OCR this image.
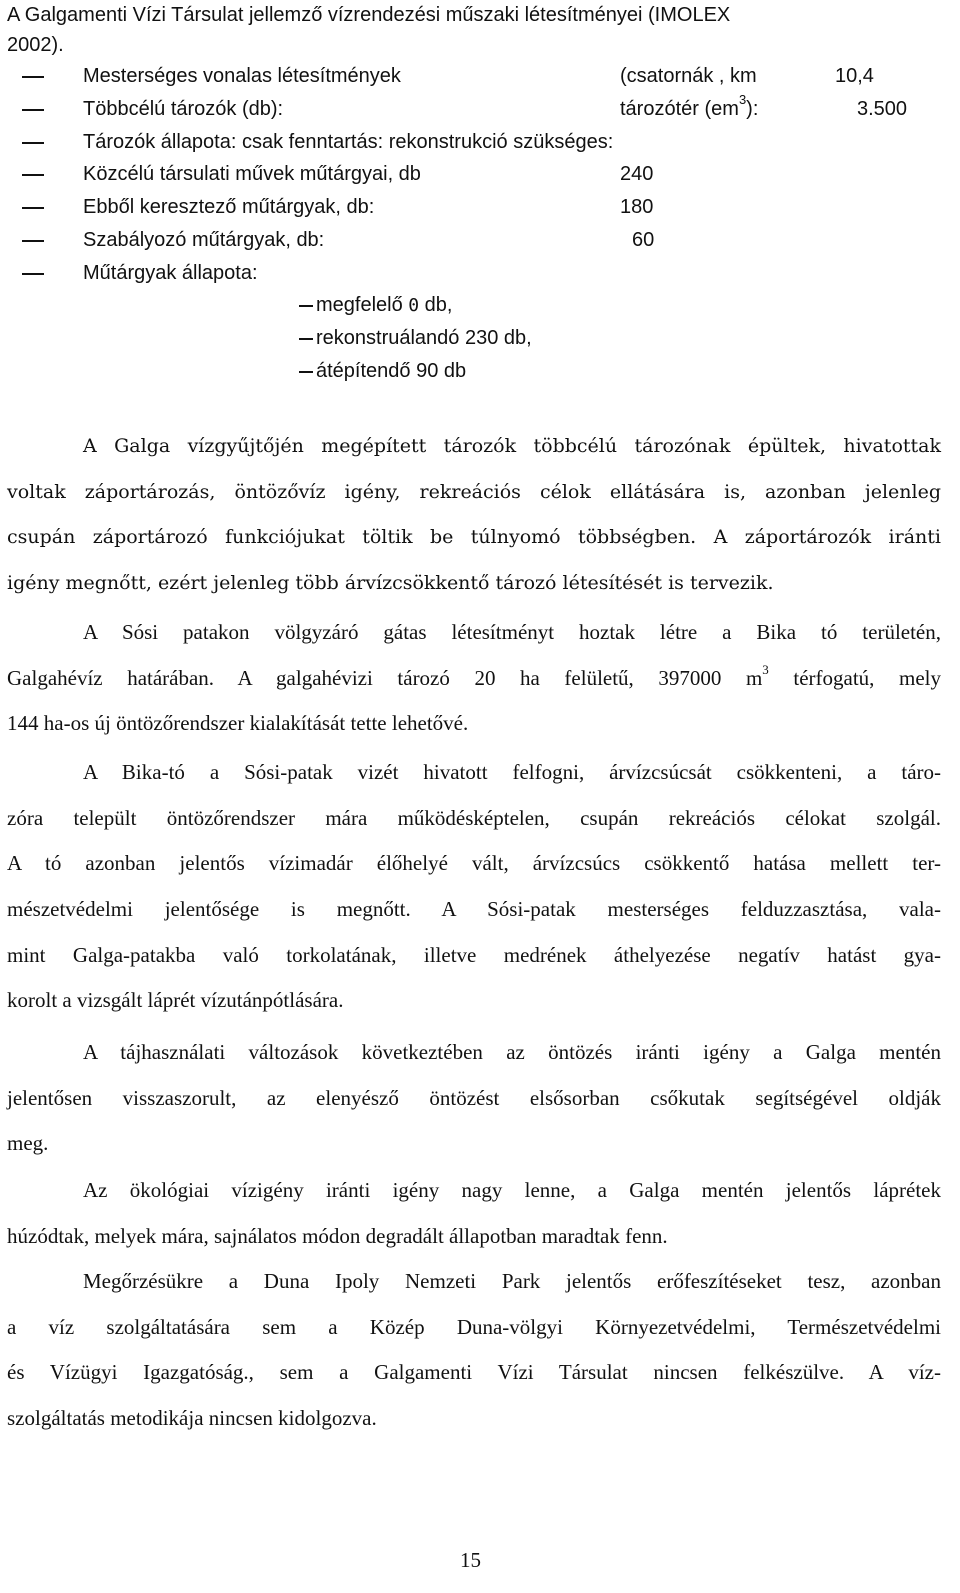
A Galgamenti Vízi Társulat jellemző vízrendezési műszaki létesítményei (IMOLEX
2002).
Mesterséges vonalas létesítmények	(csatornák , km	10,4
Többcélú tározók (db):	tározótér $(em^3)$:	3.500
Tározók állapota: csak fenntartás: rekonstrukció szükséges:
Közcélú társulati művek műtárgyai, db	240
Ebből keresztező műtárgyak, db:	180
Szabályozó műtárgyak, db:	60
Műtárgyak állapota:
megfelelő 0 db,
rekonstruálandó 230 db,
átépítendő 90 db
A Galga vízgyűjtőjén megépített tározók többcélú tározónak épültek, hivatottak
voltak záportározás, öntözővíz igény, rekreációs célok ellátására is, azonban jelenleg
csupán záportározó funkciójukat töltik be túlnyomó többségben. A záportározók iránti
igény megnőtt, ezért jelenleg több árvízcsökkentő tározó létesítését is tervezik.
A Sósi patakon völgyzáró gátas létesítményt hoztak létre a Bika tó területén,
Galgahévíz határában. A galgahévizi tározó 20 ha felületű, 397000 $m^3$ térfogatú, mely
144 ha-os új öntözőrendszer kialakítását tette lehetővé.
A Bika-tó a Sósi-patak vizét hivatott felfogni, árvízcsúcsát csökkenteni, a táro-
zóra települt öntözőrendszer mára működésképtelen, csupán rekreációs célokat szolgál.
A tó azonban jelentős vízimadár élőhelyé vált, árvízcsúcs csökkentő hatása mellett ter-
mészetvédelmi jelentősége is megnőtt. A Sósi-patak mesterséges felduzzasztása, vala-
mint Galga-patakba való torkolatának, illetve medrének áthelyezése negatív hatást gya-
korolt a vizsgált láprét vízutánpótlására.
A tájhasználati változások következtében az öntözés iránti igény a Galga mentén
jelentősen visszaszorult, az elenyésző öntözést elsősorban csőkutak segítségével oldják
meg.
Az ökológiai vízigény iránti igény nagy lenne, a Galga mentén jelentős láprétek
húzódtak, melyek mára, sajnálatos módon degradált állapotban maradtak fenn.
Megőrzésükre a Duna Ipoly Nemzeti Park jelentős erőfeszítéseket tesz, azonban
a víz szolgáltatására sem a Közép Duna-völgyi Környezetvédelmi, Természetvédelmi
és Vízügyi Igazgatóság., sem a Galgamenti Vízi Társulat nincsen felkészülve. A víz-
szolgáltatás metodikája nincsen kidolgozva.
15
